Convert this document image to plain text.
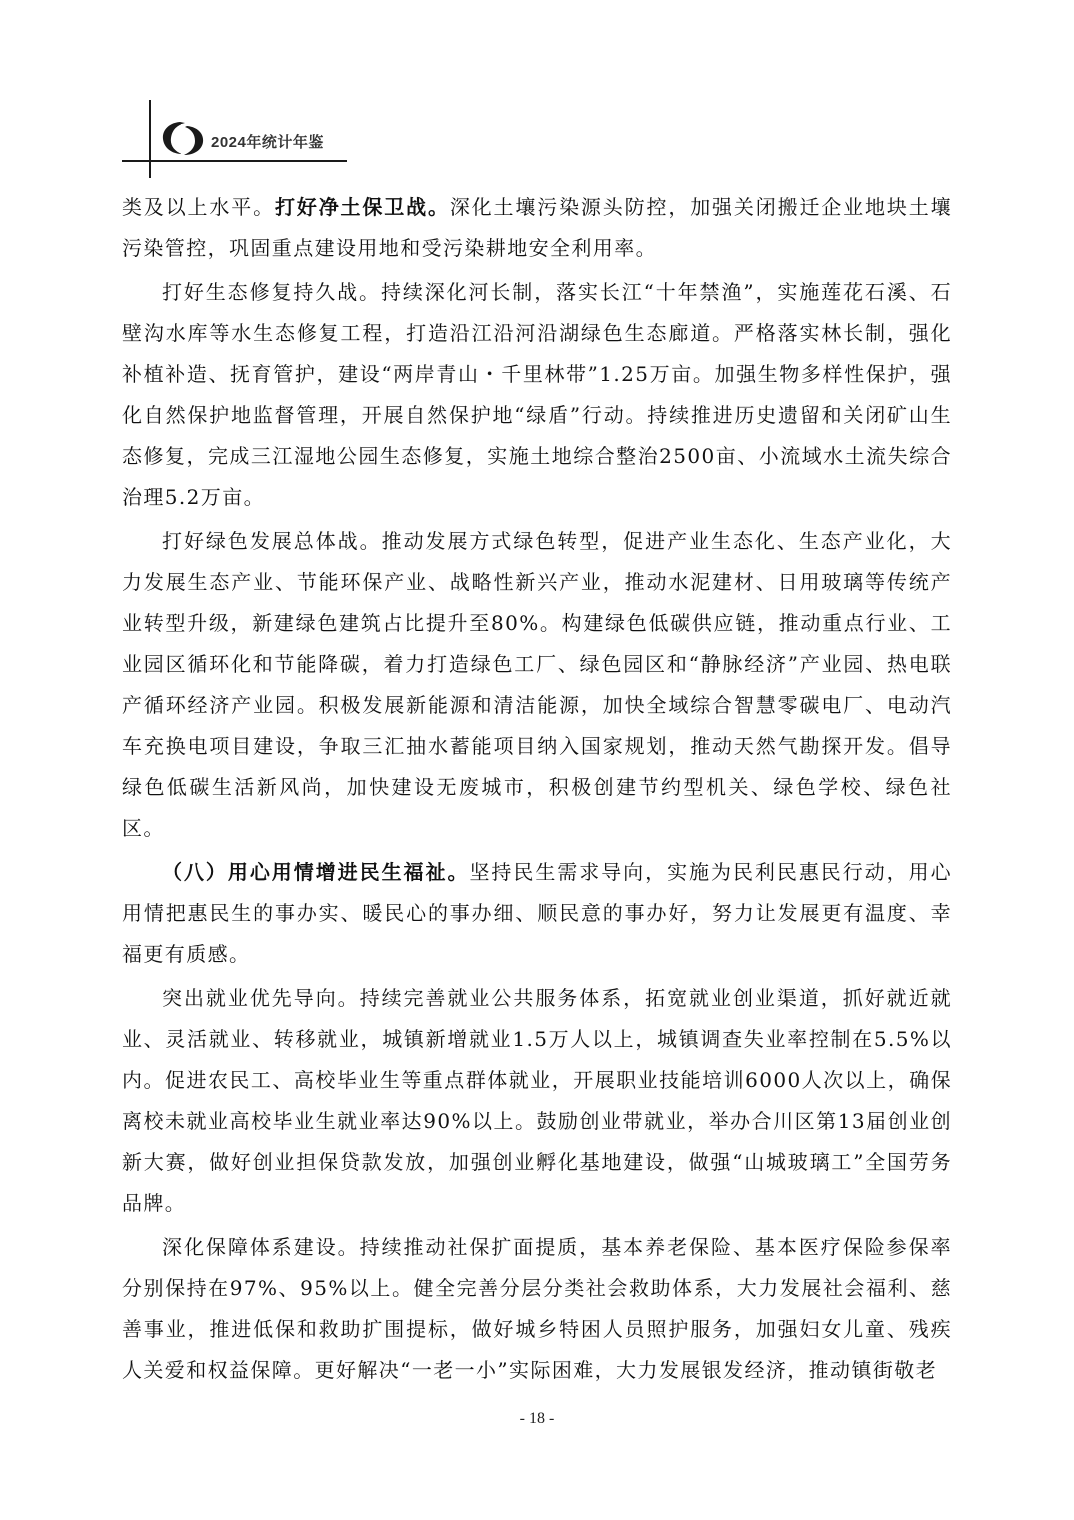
2024年统计年鉴

类及以上水平。打好净土保卫战。深化土壤污染源头防控，加强关闭搬迁企业地块土壤污染管控，巩固重点建设用地和受污染耕地安全利用率。

打好生态修复持久战。持续深化河长制，落实长江“十年禁渔”，实施莲花石溪、石壁沟水库等水生态修复工程，打造沿江沿河沿湖绿色生态廊道。严格落实林长制，强化补植补造、抚育管护，建设“两岸青山・千里林带”1.25万亩。加强生物多样性保护，强化自然保护地监督管理，开展自然保护地“绿盾”行动。持续推进历史遗留和关闭矿山生态修复，完成三江湿地公园生态修复，实施土地综合整治2500亩、小流域水土流失综合治理5.2万亩。

打好绿色发展总体战。推动发展方式绿色转型，促进产业生态化、生态产业化，大力发展生态产业、节能环保产业、战略性新兴产业，推动水泥建材、日用玻璃等传统产业转型升级，新建绿色建筑占比提升至80%。构建绿色低碳供应链，推动重点行业、工业园区循环化和节能降碳，着力打造绿色工厂、绿色园区和“静脉经济”产业园、热电联产循环经济产业园。积极发展新能源和清洁能源，加快全域综合智慧零碳电厂、电动汽车充换电项目建设，争取三汇抽水蓄能项目纳入国家规划，推动天然气勘探开发。倡导绿色低碳生活新风尚，加快建设无废城市，积极创建节约型机关、绿色学校、绿色社区。

（八）用心用情增进民生福祉。坚持民生需求导向，实施为民利民惠民行动，用心用情把惠民生的事办实、暖民心的事办细、顺民意的事办好，努力让发展更有温度、幸福更有质感。

突出就业优先导向。持续完善就业公共服务体系，拓宽就业创业渠道，抓好就近就业、灵活就业、转移就业，城镇新增就业1.5万人以上，城镇调查失业率控制在5.5%以内。促进农民工、高校毕业生等重点群体就业，开展职业技能培训6000人次以上，确保离校未就业高校毕业生就业率达90%以上。鼓励创业带就业，举办合川区第13届创业创新大赛，做好创业担保贷款发放，加强创业孵化基地建设，做强“山城玻璃工”全国劳务品牌。

深化保障体系建设。持续推动社保扩面提质，基本养老保险、基本医疗保险参保率分别保持在97%、95%以上。健全完善分层分类社会救助体系，大力发展社会福利、慈善事业，推进低保和救助扩围提标，做好城乡特困人员照护服务，加强妇女儿童、残疾人关爱和权益保障。更好解决“一老一小”实际困难，大力发展银发经济，推动镇街敬老

- 18 -
